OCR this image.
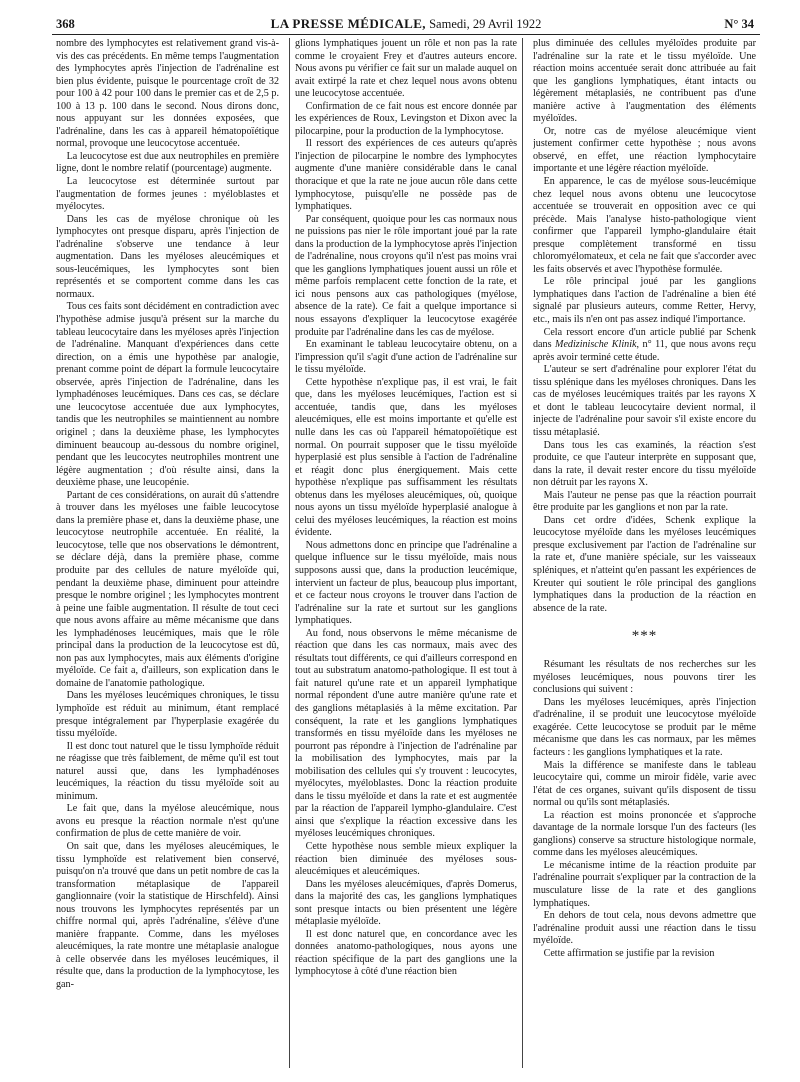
368	LA PRESSE MÉDICALE, Samedi, 29 Avril 1922	N° 34

nombre des lymphocytes est relativement grand vis-à-vis des cas précédents. En même temps l'augmentation des lymphocytes après l'injection de l'adrénaline est bien plus évidente, puisque le pourcentage croît de 32 pour 100 à 42 pour 100 dans le premier cas et de 2,5 p. 100 à 13 p. 100 dans le second. Nous dirons donc, nous appuyant sur les données exposées, que l'adrénaline, dans les cas à appareil hématopoïétique normal, provoque une leucocytose accentuée.

La leucocytose est due aux neutrophiles en première ligne, dont le nombre relatif (pourcentage) augmente.

La leucocytose est déterminée surtout par l'augmentation de formes jeunes : myéloblastes et myélocytes.

Dans les cas de myélose chronique où les lymphocytes ont presque disparu, après l'injection de l'adrénaline s'observe une tendance à leur augmentation. Dans les myéloses aleucémiques et sous-leucémiques, les lymphocytes sont bien représentés et se comportent comme dans les cas normaux.

Tous ces faits sont décidément en contradiction avec l'hypothèse admise jusqu'à présent sur la marche du tableau leucocytaire dans les myéloses après l'injection de l'adrénaline. Manquant d'expériences dans cette direction, on a émis une hypothèse par analogie, prenant comme point de départ la formule leucocytaire observée, après l'injection de l'adrénaline, dans les lymphadénoses leucémiques. Dans ces cas, se déclare une leucocytose accentuée due aux lymphocytes, tandis que les neutrophiles se maintiennent au nombre originel ; dans la deuxième phase, les lymphocytes diminuent beaucoup au-dessous du nombre originel, pendant que les leucocytes neutrophiles montrent une légère augmentation ; d'où résulte ainsi, dans la deuxième phase, une leucopénie.

Partant de ces considérations, on aurait dû s'attendre à trouver dans les myéloses une faible leucocytose dans la première phase et, dans la deuxième phase, une leucocytose neutrophile accentuée. En réalité, la leucocytose, telle que nos observations le démontrent, se déclare déjà, dans la première phase, comme produite par des cellules de nature myéloïde qui, pendant la deuxième phase, diminuent pour atteindre presque le nombre originel ; les lymphocytes montrent à peine une faible augmentation. Il résulte de tout ceci que nous avons affaire au même mécanisme que dans les lymphadénoses leucémiques, mais que le rôle principal dans la production de la leucocytose est dû, non pas aux lymphocytes, mais aux éléments d'origine myéloïde. Ce fait a, d'ailleurs, son explication dans le domaine de l'anatomie pathologique.

Dans les myéloses leucémiques chroniques, le tissu lymphoïde est réduit au minimum, étant remplacé presque intégralement par l'hyperplasie exagérée du tissu myéloïde.

Il est donc tout naturel que le tissu lymphoïde réduit ne réagisse que très faiblement, de même qu'il est tout naturel aussi que, dans les lymphadénoses leucémiques, la réaction du tissu myéloïde soit au minimum.

Le fait que, dans la myélose aleucémique, nous avons eu presque la réaction normale n'est qu'une confirmation de plus de cette manière de voir.

On sait que, dans les myéloses aleucémiques, le tissu lymphoïde est relativement bien conservé, puisqu'on n'a trouvé que dans un petit nombre de cas la transformation métaplasique de l'appareil ganglionnaire (voir la statistique de Hirschfeld). Ainsi nous trouvons les lymphocytes représentés par un chiffre normal qui, après l'adrénaline, s'élève d'une manière frappante. Comme, dans les myéloses aleucémiques, la rate montre une métaplasie analogue à celle observée dans les myéloses leucémiques, il résulte que, dans la production de la lymphocytose, les gan-

glions lymphatiques jouent un rôle et non pas la rate comme le croyaient Frey et d'autres auteurs encore. Nous avons pu vérifier ce fait sur un malade auquel on avait extirpé la rate et chez lequel nous avons obtenu une leucocytose accentuée.

Confirmation de ce fait nous est encore donnée par les expériences de Roux, Levingston et Dixon avec la pilocarpine, pour la production de la lymphocytose.

Il ressort des expériences de ces auteurs qu'après l'injection de pilocarpine le nombre des lymphocytes augmente d'une manière considérable dans le canal thoracique et que la rate ne joue aucun rôle dans cette lymphocytose, puisqu'elle ne possède pas de lymphatiques.

Par conséquent, quoique pour les cas normaux nous ne puissions pas nier le rôle important joué par la rate dans la production de la lymphocytose après l'injection de l'adrénaline, nous croyons qu'il n'est pas moins vrai que les ganglions lymphatiques jouent aussi un rôle et même parfois remplacent cette fonction de la rate, et ici nous pensons aux cas pathologiques (myélose, absence de la rate). Ce fait a quelque importance si nous essayons d'expliquer la leucocytose exagérée produite par l'adrénaline dans les cas de myélose.

En examinant le tableau leucocytaire obtenu, on a l'impression qu'il s'agit d'une action de l'adrénaline sur le tissu myéloïde.

Cette hypothèse n'explique pas, il est vrai, le fait que, dans les myéloses leucémiques, l'action est si accentuée, tandis que, dans les myéloses aleucémiques, elle est moins importante et qu'elle est nulle dans les cas où l'appareil hématopoïétique est normal. On pourrait supposer que le tissu myéloïde hyperplasié est plus sensible à l'action de l'adrénaline et réagit donc plus énergiquement. Mais cette hypothèse n'explique pas suffisamment les résultats obtenus dans les myéloses aleucémiques, où, quoique nous ayons un tissu myéloïde hyperplasié analogue à celui des myéloses leucémiques, la réaction est moins évidente.

Nous admettons donc en principe que l'adrénaline a quelque influence sur le tissu myéloïde, mais nous supposons aussi que, dans la production leucémique, intervient un facteur de plus, beaucoup plus important, et ce facteur nous croyons le trouver dans l'action de l'adrénaline sur la rate et surtout sur les ganglions lymphatiques.

Au fond, nous observons le même mécanisme de réaction que dans les cas normaux, mais avec des résultats tout différents, ce qui d'ailleurs correspond en tout au substratum anatomo-pathologique. Il est tout à fait naturel qu'une rate et un appareil lymphatique normal répondent d'une autre manière qu'une rate et des ganglions métaplasiés à la même excitation. Par conséquent, la rate et les ganglions lymphatiques transformés en tissu myéloïde dans les myéloses ne pourront pas répondre à l'injection de l'adrénaline par la mobilisation des lymphocytes, mais par la mobilisation des cellules qui s'y trouvent : leucocytes, myélocytes, myéloblastes. Donc la réaction produite dans le tissu myéloïde et dans la rate et est augmentée par la réaction de l'appareil lympho-glandulaire. C'est ainsi que s'explique la réaction excessive dans les myéloses leucémiques chroniques.

Cette hypothèse nous semble mieux expliquer la réaction bien diminuée des myéloses sous-aleucémiques et aleucémiques.

Dans les myéloses aleucémiques, d'après Domerus, dans la majorité des cas, les ganglions lymphatiques sont presque intacts ou bien présentent une légère métaplasie myéloïde.

Il est donc naturel que, en concordance avec les données anatomo-pathologiques, nous ayons une réaction spécifique de la part des ganglions une la lymphocytose à côté d'une réaction bien

plus diminuée des cellules myéloïdes produite par l'adrénaline sur la rate et le tissu myéloïde. Une réaction moins accentuée serait donc attribuée au fait que les ganglions lymphatiques, étant intacts ou légèrement métaplasiés, ne contribuent pas d'une manière active à l'augmentation des éléments myéloïdes.

Or, notre cas de myélose aleucémique vient justement confirmer cette hypothèse ; nous avons observé, en effet, une réaction lymphocytaire importante et une légère réaction myéloïde.

En apparence, le cas de myélose sous-leucémique chez lequel nous avons obtenu une leucocytose accentuée se trouverait en opposition avec ce qui précède. Mais l'analyse histo-pathologique vient confirmer que l'appareil lympho-glandulaire était presque complètement transformé en tissu chloromyélomateux, et cela ne fait que s'accorder avec les faits observés et avec l'hypothèse formulée.

Le rôle principal joué par les ganglions lymphatiques dans l'action de l'adrénaline a bien été signalé par plusieurs auteurs, comme Retter, Hervy, etc., mais ils n'en ont pas assez indiqué l'importance.

Cela ressort encore d'un article publié par Schenk dans Medizinische Klinik, n° 11, que nous avons reçu après avoir terminé cette étude.

L'auteur se sert d'adrénaline pour explorer l'état du tissu splénique dans les myéloses chroniques. Dans les cas de myéloses leucémiques traités par les rayons X et dont le tableau leucocytaire devient normal, il injecte de l'adrénaline pour savoir s'il existe encore du tissu métaplasié.

Dans tous les cas examinés, la réaction s'est produite, ce que l'auteur interprète en supposant que, dans la rate, il devait rester encore du tissu myéloïde non détruit par les rayons X.

Mais l'auteur ne pense pas que la réaction pourrait être produite par les ganglions et non par la rate.

Dans cet ordre d'idées, Schenk explique la leucocytose myéloïde dans les myéloses leucémiques presque exclusivement par l'action de l'adrénaline sur la rate et, d'une manière spéciale, sur les vaisseaux spléniques, et n'atteint qu'en passant les expériences de Kreuter qui soutient le rôle principal des ganglions lymphatiques dans la production de la réaction en absence de la rate.

***

Résumant les résultats de nos recherches sur les myéloses leucémiques, nous pouvons tirer les conclusions qui suivent :

Dans les myéloses leucémiques, après l'injection d'adrénaline, il se produit une leucocytose myéloïde exagérée. Cette leucocytose se produit par le même mécanisme que dans les cas normaux, par les mêmes facteurs : les ganglions lymphatiques et la rate.

Mais la différence se manifeste dans le tableau leucocytaire qui, comme un miroir fidèle, varie avec l'état de ces organes, suivant qu'ils disposent de tissu normal ou qu'ils sont métaplasiés.

La réaction est moins prononcée et s'approche davantage de la normale lorsque l'un des facteurs (les ganglions) conserve sa structure histologique normale, comme dans les myéloses aleucémiques.

Le mécanisme intime de la réaction produite par l'adrénaline pourrait s'expliquer par la contraction de la musculature lisse de la rate et des ganglions lymphatiques.

En dehors de tout cela, nous devons admettre que l'adrénaline produit aussi une réaction dans le tissu myéloïde.

Cette affirmation se justifie par la revision
